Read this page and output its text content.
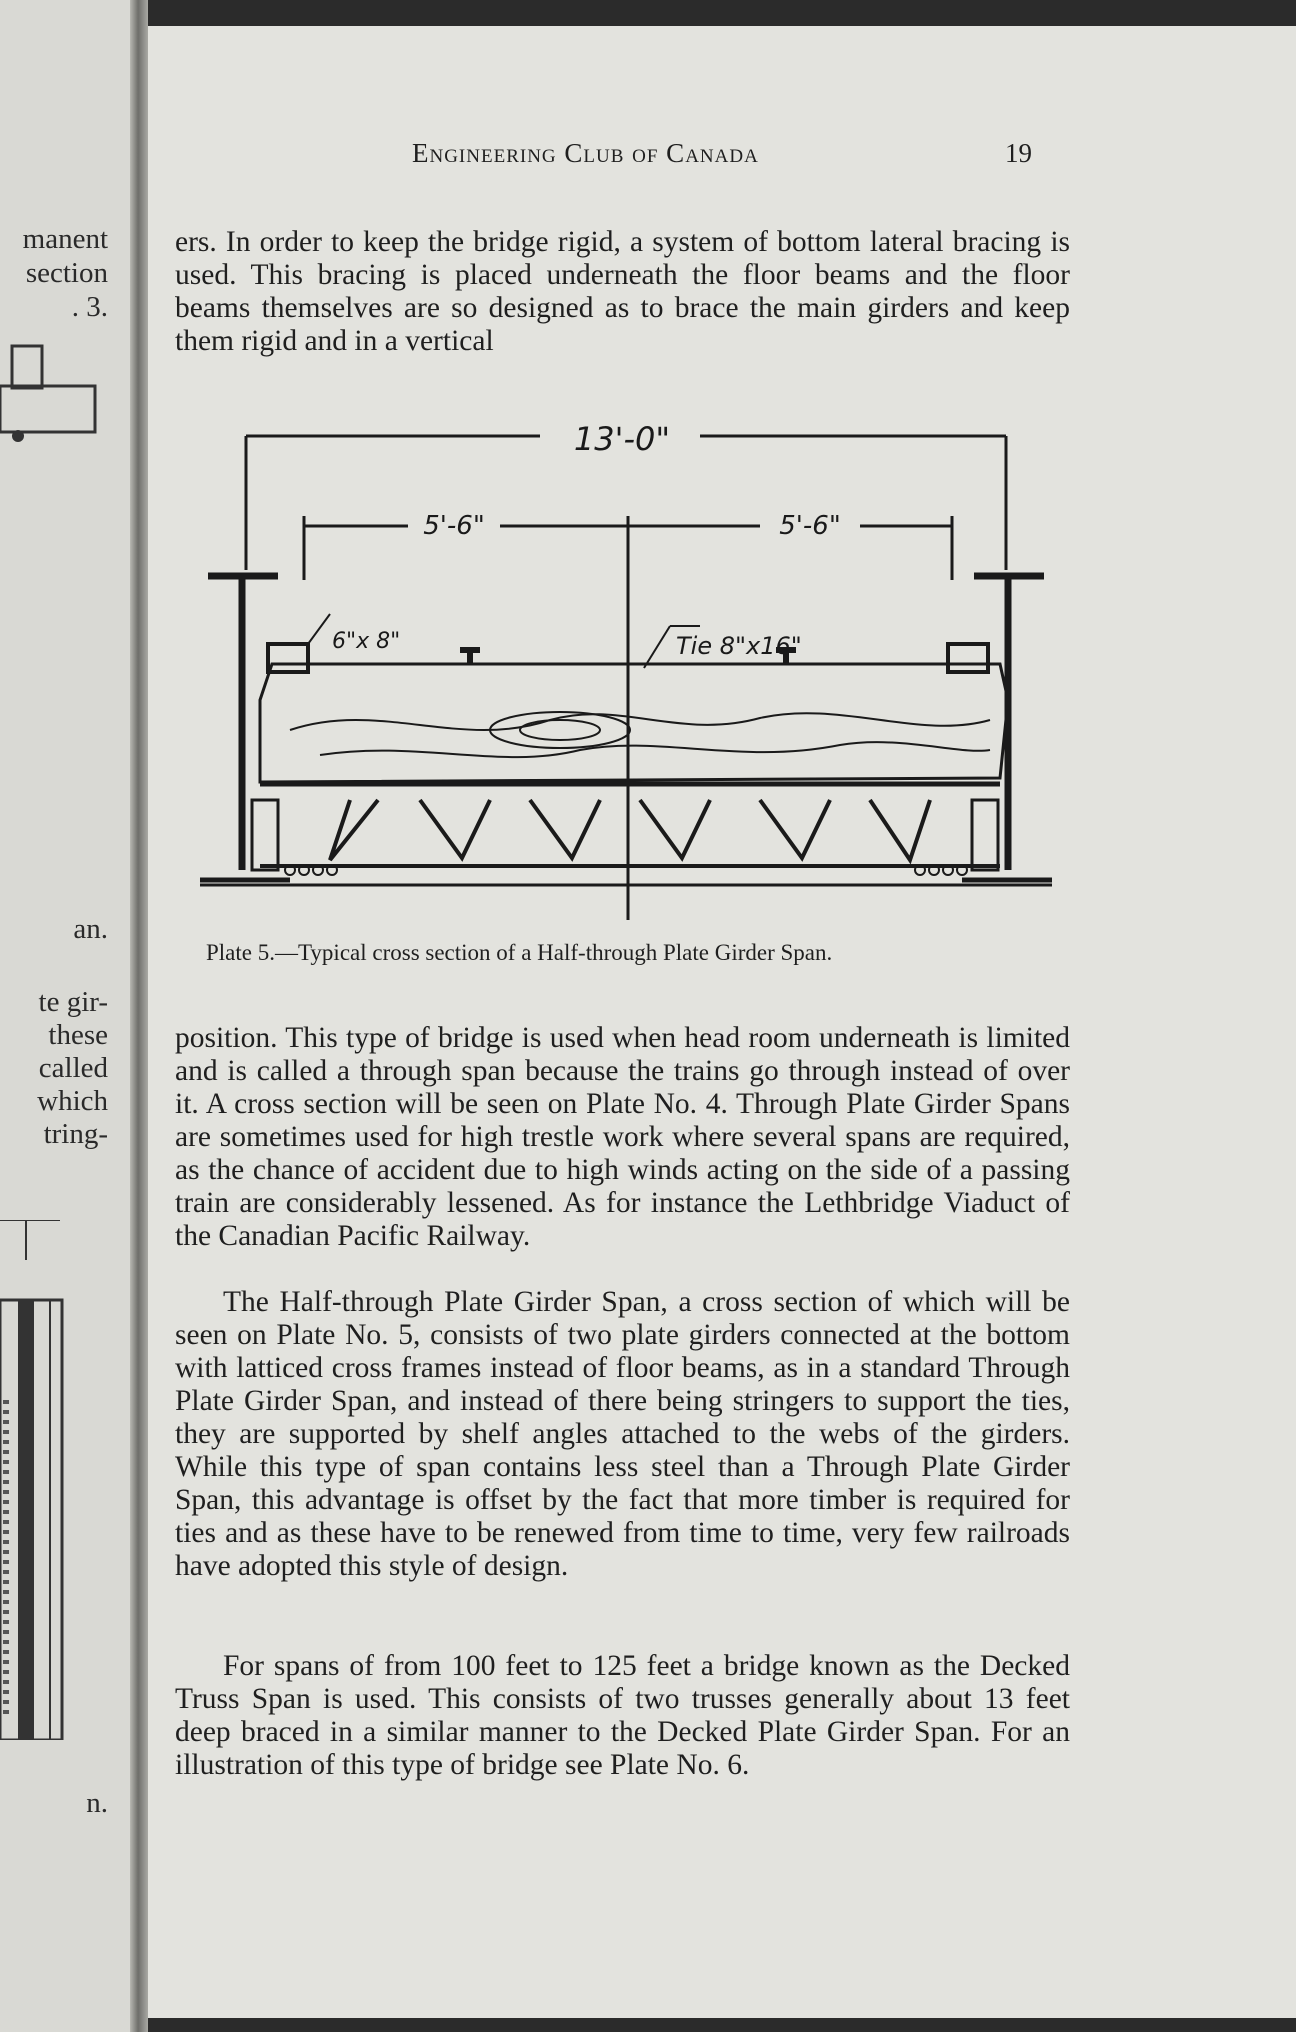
manent
section
. 3.
an.
te gir-
these
called
which
tring-
n.
Engineering Club of Canada	19

ers. In order to keep the bridge rigid, a system of bottom lateral bracing is used. This bracing is placed underneath the floor beams and the floor beams themselves are so designed as to brace the main girders and keep them rigid and in a vertical

13'-0"
5'-6"	5'-6"
6"x 8"	Tie 8"x16"
Plate 5.—Typical cross section of a Half-through Plate Girder Span.

position. This type of bridge is used when head room underneath is limited and is called a through span because the trains go through instead of over it. A cross section will be seen on Plate No. 4. Through Plate Girder Spans are sometimes used for high trestle work where several spans are required, as the chance of accident due to high winds acting on the side of a passing train are considerably lessened. As for instance the Lethbridge Viaduct of the Canadian Pacific Railway.

The Half-through Plate Girder Span, a cross section of which will be seen on Plate No. 5, consists of two plate girders connected at the bottom with latticed cross frames instead of floor beams, as in a standard Through Plate Girder Span, and instead of there being stringers to support the ties, they are supported by shelf angles attached to the webs of the girders. While this type of span contains less steel than a Through Plate Girder Span, this advantage is offset by the fact that more timber is required for ties and as these have to be renewed from time to time, very few railroads have adopted this style of design.

For spans of from 100 feet to 125 feet a bridge known as the Decked Truss Span is used. This consists of two trusses generally about 13 feet deep braced in a similar manner to the Decked Plate Girder Span. For an illustration of this type of bridge see Plate No. 6.
